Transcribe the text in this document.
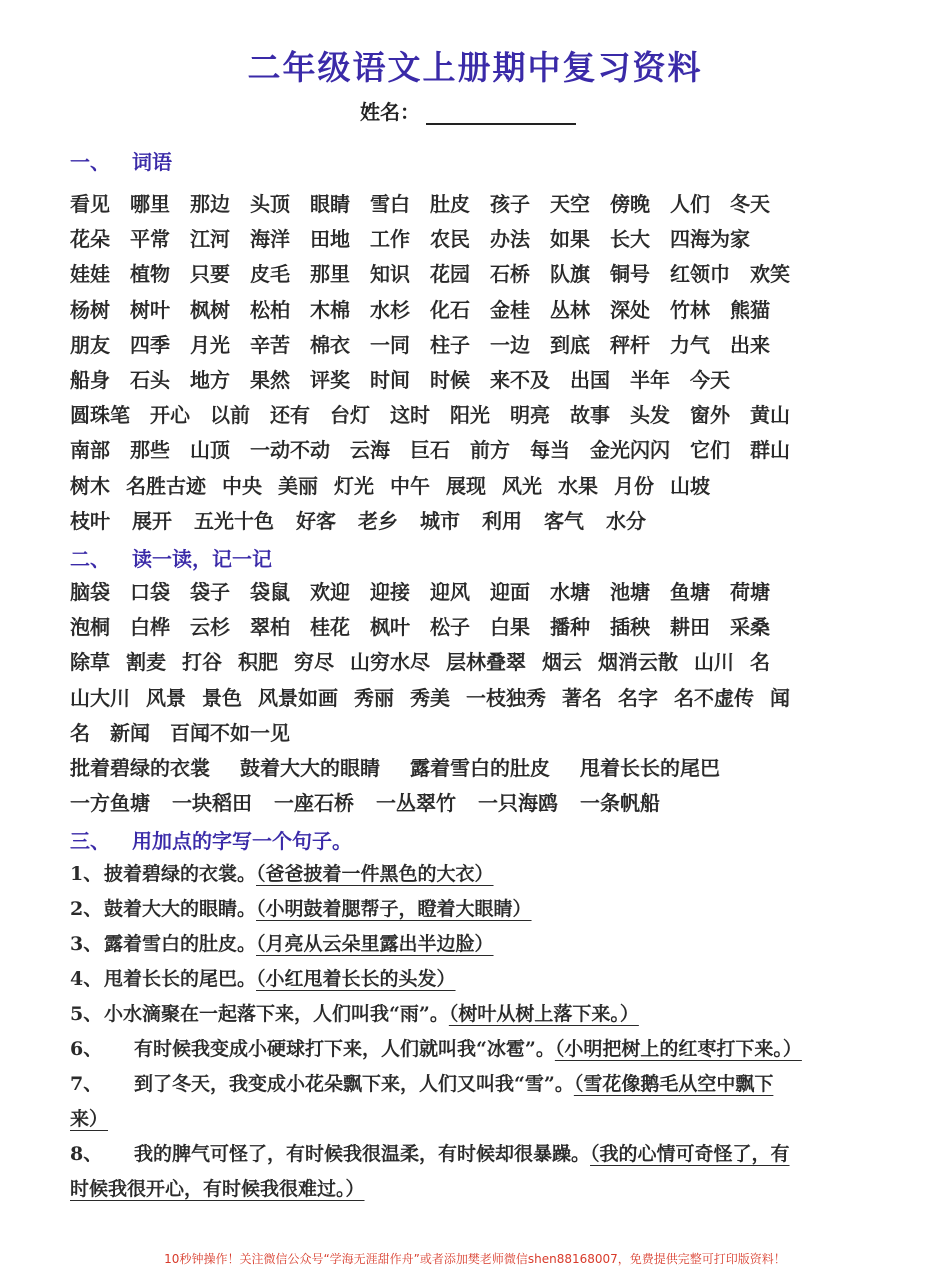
二年级语文上册期中复习资料
姓名：
一、 词语
看见 哪里 那边 头顶 眼睛 雪白 肚皮 孩子 天空 傍晚 人们 冬天
花朵 平常 江河 海洋 田地 工作 农民 办法 如果 长大 四海为家
娃娃 植物 只要 皮毛 那里 知识 花园 石桥 队旗 铜号 红领巾 欢笑
杨树 树叶 枫树 松柏 木棉 水杉 化石 金桂 丛林 深处 竹林 熊猫
朋友 四季 月光 辛苦 棉衣 一同 柱子 一边 到底 秤杆 力气 出来
船身 石头 地方 果然 评奖 时间 时候 来不及 出国 半年 今天
圆珠笔 开心 以前 还有 台灯 这时 阳光 明亮 故事 头发 窗外 黄山
南部 那些 山顶 一动不动 云海 巨石 前方 每当 金光闪闪 它们 群山
树木 名胜古迹 中央 美丽 灯光 中午 展现 风光 水果 月份 山坡
枝叶 展开 五光十色 好客 老乡 城市 利用 客气 水分
二、 读一读，记一记
脑袋 口袋 袋子 袋鼠 欢迎 迎接 迎风 迎面 水塘 池塘 鱼塘 荷塘
泡桐 白桦 云杉 翠柏 桂花 枫叶 松子 白果 播种 插秧 耕田 采桑
除草 割麦 打谷 积肥 穷尽 山穷水尽 层林叠翠 烟云 烟消云散 山川 名
山大川 风景 景色 风景如画 秀丽 秀美 一枝独秀 著名 名字 名不虚传 闻
名 新闻 百闻不如一见
批着碧绿的衣裳 鼓着大大的眼睛 露着雪白的肚皮 甩着长长的尾巴
一方鱼塘 一块稻田 一座石桥 一丛翠竹 一只海鸥 一条帆船
三、 用加点的字写一个句子。
1、披着碧绿的衣裳。（爸爸披着一件黑色的大衣）
2、鼓着大大的眼睛。（小明鼓着腮帮子，瞪着大眼睛）
3、露着雪白的肚皮。（月亮从云朵里露出半边脸）
4、甩着长长的尾巴。（小红甩着长长的头发）
5、小水滴聚在一起落下来，人们叫我“雨”。（树叶从树上落下来。）
6、 有时候我变成小硬球打下来，人们就叫我“冰雹”。（小明把树上的红枣打下来。）
7、 到了冬天，我变成小花朵飘下来，人们又叫我“雪”。（雪花像鹅毛从空中飘下
来）
8、 我的脾气可怪了，有时候我很温柔，有时候却很暴躁。（我的心情可奇怪了，有
时候我很开心，有时候我很难过。）
10秒钟操作！关注微信公众号“学海无涯甜作舟”或者添加樊老师微信shen88168007，免费提供完整可打印版资料！
